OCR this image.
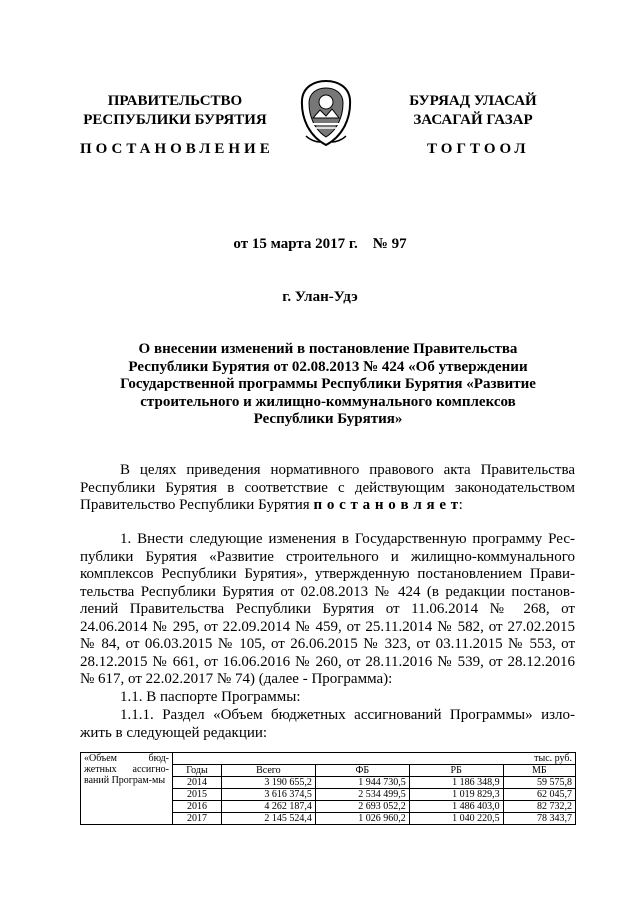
ПРАВИТЕЛЬСТВО
РЕСПУБЛИКИ БУРЯТИЯ
БУРЯАД УЛАСАЙ
ЗАСАГАЙ ГАЗАР
ПОСТАНОВЛЕНИЕ	ТОГТООЛ
от 15 марта 2017 г.    № 97
г. Улан-Удэ
О внесении изменений в постановление Правительства
Республики Бурятия от 02.08.2013 № 424 «Об утверждении
Государственной программы Республики Бурятия «Развитие
строительного и жилищно-коммунального комплексов
Республики Бурятия»
В целях приведения нормативного правового акта Правительства
Республики Бурятия в соответствие с действующим законодательством
Правительство Республики Бурятия п о с т а н о в л я е т:
1. Внести следующие изменения в Государственную программу Рес-
публики Бурятия «Развитие строительного и жилищно-коммунального
комплексов Республики Бурятия», утвержденную постановлением Прави-
тельства Республики Бурятия от 02.08.2013 № 424 (в редакции постанов-
лений Правительства Республики Бурятия от 11.06.2014 № 268, от
24.06.2014 № 295, от 22.09.2014 № 459, от 25.11.2014 № 582, от 27.02.2015
№ 84, от 06.03.2015 № 105, от 26.06.2015 № 323, от 03.11.2015 № 553, от
28.12.2015 № 661, от 16.06.2016 № 260, от 28.11.2016 № 539, от 28.12.2016
№ 617, от 22.02.2017 № 74) (далее - Программа):
1.1. В паспорте Программы:
1.1.1. Раздел «Объем бюджетных ассигнований Программы» изло-
жить в следующей редакции:
«Объем бюд-жетных ассигно-ваний Програм-мы	тыс. руб.				
	Годы	Всего	ФБ	РБ	МБ
	2014	3 190 655,2	1 944 730,5	1 186 348,9	59 575,8
	2015	3 616 374,5	2 534 499,5	1 019 829,3	62 045,7
	2016	4 262 187,4	2 693 052,2	1 486 403,0	82 732,2
	2017	2 145 524,4	1 026 960,2	1 040 220,5	78 343,7
